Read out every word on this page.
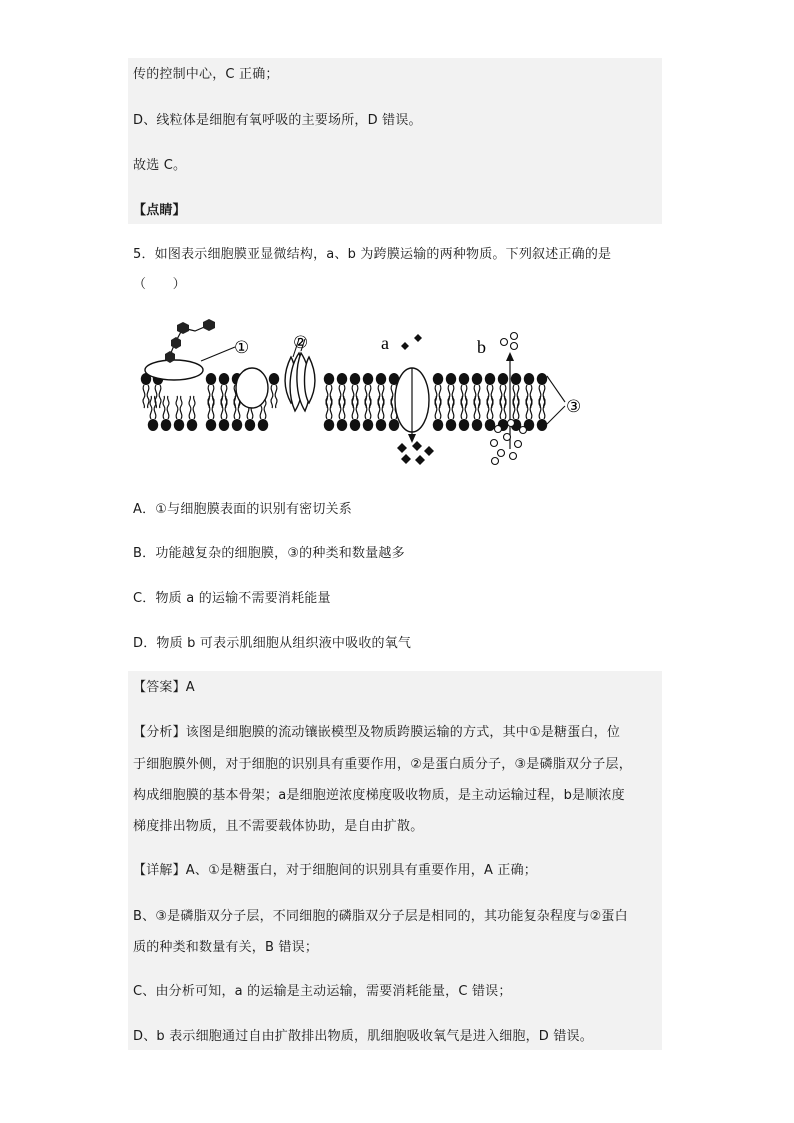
传的控制中心，C 正确；
D、线粒体是细胞有氧呼吸的主要场所，D 错误。
故选 C。
【点睛】
5．如图表示细胞膜亚显微结构，a、b 为跨膜运输的两种物质。下列叙述正确的是
（　　）
①	②	a	b
③
A．①与细胞膜表面的识别有密切关系
B．功能越复杂的细胞膜，③的种类和数量越多
C．物质 a 的运输不需要消耗能量
D．物质 b 可表示肌细胞从组织液中吸收的氧气
【答案】A
【分析】该图是细胞膜的流动镶嵌模型及物质跨膜运输的方式，其中①是糖蛋白，位
于细胞膜外侧，对于细胞的识别具有重要作用，②是蛋白质分子，③是磷脂双分子层，
构成细胞膜的基本骨架；a是细胞逆浓度梯度吸收物质，是主动运输过程，b是顺浓度
梯度排出物质，且不需要载体协助，是自由扩散。
【详解】A、①是糖蛋白，对于细胞间的识别具有重要作用，A 正确；
B、③是磷脂双分子层，不同细胞的磷脂双分子层是相同的，其功能复杂程度与②蛋白
质的种类和数量有关，B 错误；
C、由分析可知，a 的运输是主动运输，需要消耗能量，C 错误；
D、b 表示细胞通过自由扩散排出物质，肌细胞吸收氧气是进入细胞，D 错误。
